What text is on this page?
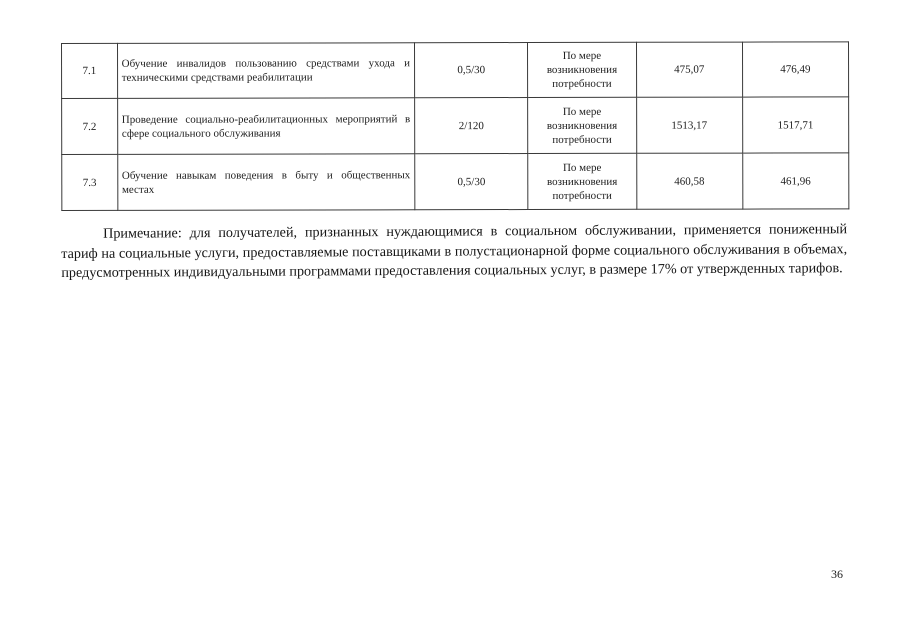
7.1	Обучение инвалидов пользованию средствами ухода и техническими средствами реабилитации	0,5/30	По мере возникновения потребности	475,07	476,49
7.2	Проведение социально-реабилитационных мероприятий в сфере социального обслуживания	2/120	По мере возникновения потребности	1513,17	1517,71
7.3	Обучение навыкам поведения в быту и общественных местах	0,5/30	По мере возникновения потребности	460,58	461,96

Примечание: для получателей, признанных нуждающимися в социальном обслуживании, применяется пониженный тариф на социальные услуги, предоставляемые поставщиками в полустационарной форме социального обслуживания в объемах, предусмотренных индивидуальными программами предоставления социальных услуг, в размере 17% от утвержденных тарифов.

36
